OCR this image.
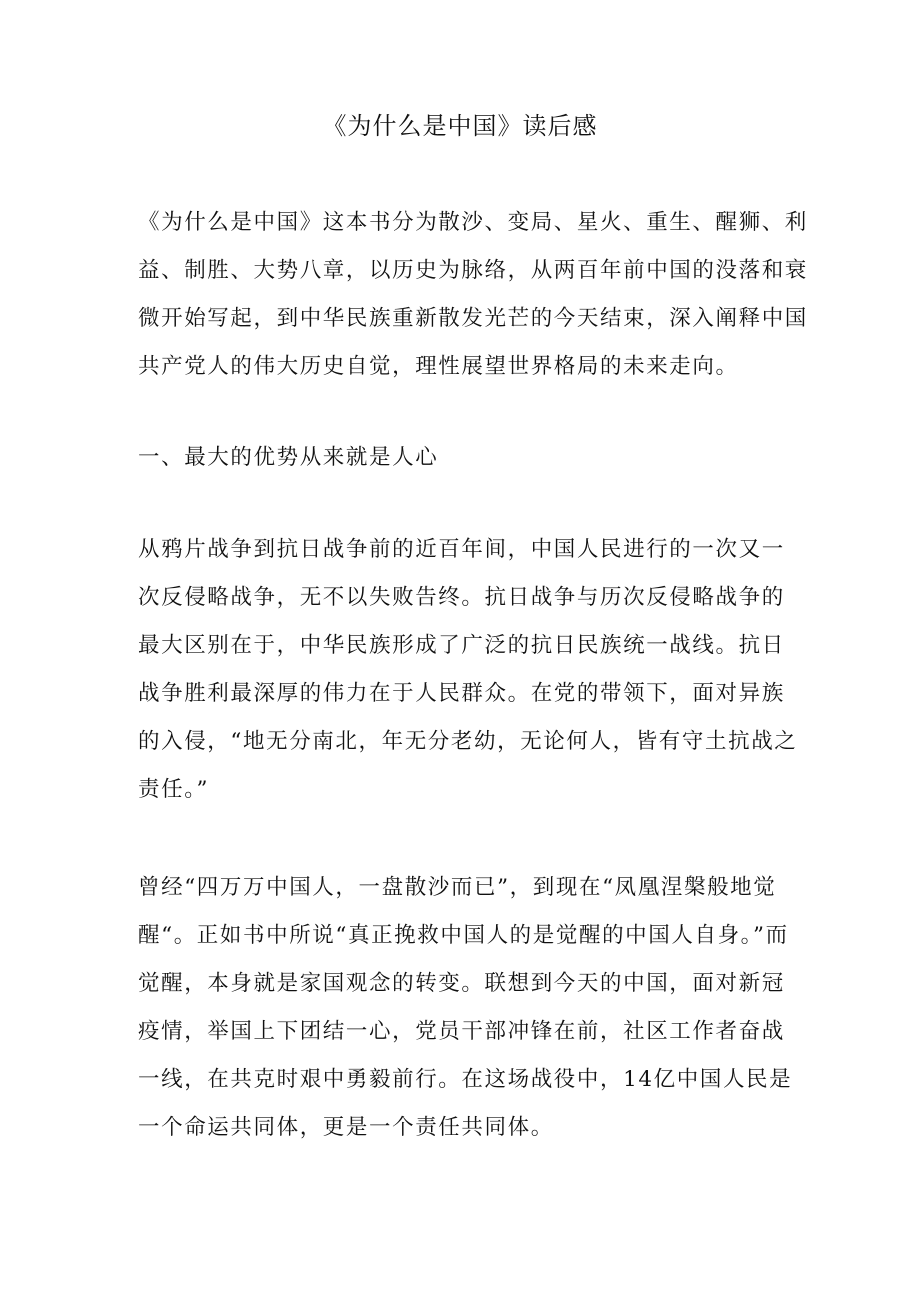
《为什么是中国》读后感

《为什么是中国》这本书分为散沙、变局、星火、重生、醒狮、利益、制胜、大势八章，以历史为脉络，从两百年前中国的没落和衰微开始写起，到中华民族重新散发光芒的今天结束，深入阐释中国共产党人的伟大历史自觉，理性展望世界格局的未来走向。

一、最大的优势从来就是人心

从鸦片战争到抗日战争前的近百年间，中国人民进行的一次又一次反侵略战争，无不以失败告终。抗日战争与历次反侵略战争的最大区别在于，中华民族形成了广泛的抗日民族统一战线。抗日战争胜利最深厚的伟力在于人民群众。在党的带领下，面对异族的入侵，“地无分南北，年无分老幼，无论何人，皆有守土抗战之责任。”

曾经“四万万中国人，一盘散沙而已”，到现在“凤凰涅槃般地觉醒“。正如书中所说“真正挽救中国人的是觉醒的中国人自身。”而觉醒，本身就是家国观念的转变。联想到今天的中国，面对新冠疫情，举国上下团结一心，党员干部冲锋在前，社区工作者奋战一线，在共克时艰中勇毅前行。在这场战役中，14亿中国人民是一个命运共同体，更是一个责任共同体。
